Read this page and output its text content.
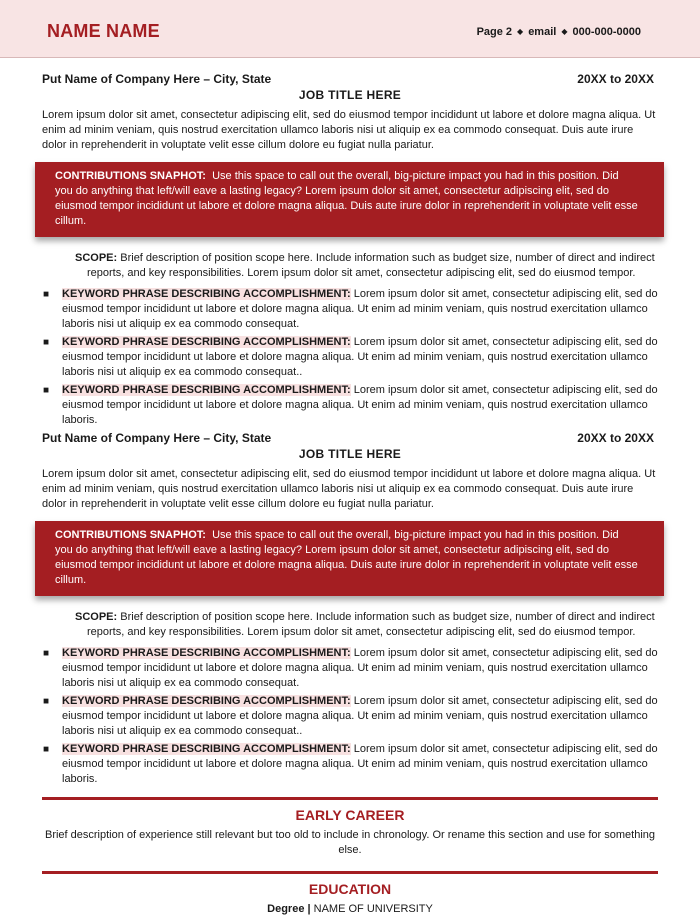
NAME NAME	Page 2 ◆ email ◆ 000-000-0000
Put Name of Company Here – City, State	20XX to 20XX
JOB TITLE HERE
Lorem ipsum dolor sit amet, consectetur adipiscing elit, sed do eiusmod tempor incididunt ut labore et dolore magna aliqua. Ut enim ad minim veniam, quis nostrud exercitation ullamco laboris nisi ut aliquip ex ea commodo consequat. Duis aute irure dolor in reprehenderit in voluptate velit esse cillum dolore eu fugiat nulla pariatur.
CONTRIBUTIONS SNAPHOT: Use this space to call out the overall, big-picture impact you had in this position. Did you do anything that left/will eave a lasting legacy? Lorem ipsum dolor sit amet, consectetur adipiscing elit, sed do eiusmod tempor incididunt ut labore et dolore magna aliqua. Duis aute irure dolor in reprehenderit in voluptate velit esse cillum.
SCOPE: Brief description of position scope here. Include information such as budget size, number of direct and indirect
reports, and key responsibilities. Lorem ipsum dolor sit amet, consectetur adipiscing elit, sed do eiusmod tempor.
■ KEYWORD PHRASE DESCRIBING ACCOMPLISHMENT: Lorem ipsum dolor sit amet, consectetur adipiscing elit, sed do eiusmod tempor incididunt ut labore et dolore magna aliqua. Ut enim ad minim veniam, quis nostrud exercitation ullamco laboris nisi ut aliquip ex ea commodo consequat.
■ KEYWORD PHRASE DESCRIBING ACCOMPLISHMENT: Lorem ipsum dolor sit amet, consectetur adipiscing elit, sed do eiusmod tempor incididunt ut labore et dolore magna aliqua. Ut enim ad minim veniam, quis nostrud exercitation ullamco laboris nisi ut aliquip ex ea commodo consequat..
■ KEYWORD PHRASE DESCRIBING ACCOMPLISHMENT: Lorem ipsum dolor sit amet, consectetur adipiscing elit, sed do eiusmod tempor incididunt ut labore et dolore magna aliqua. Ut enim ad minim veniam, quis nostrud exercitation ullamco laboris.
Put Name of Company Here – City, State	20XX to 20XX
JOB TITLE HERE
Lorem ipsum dolor sit amet, consectetur adipiscing elit, sed do eiusmod tempor incididunt ut labore et dolore magna aliqua. Ut enim ad minim veniam, quis nostrud exercitation ullamco laboris nisi ut aliquip ex ea commodo consequat. Duis aute irure dolor in reprehenderit in voluptate velit esse cillum dolore eu fugiat nulla pariatur.
CONTRIBUTIONS SNAPHOT: Use this space to call out the overall, big-picture impact you had in this position. Did you do anything that left/will eave a lasting legacy? Lorem ipsum dolor sit amet, consectetur adipiscing elit, sed do eiusmod tempor incididunt ut labore et dolore magna aliqua. Duis aute irure dolor in reprehenderit in voluptate velit esse cillum.
SCOPE: Brief description of position scope here. Include information such as budget size, number of direct and indirect
reports, and key responsibilities. Lorem ipsum dolor sit amet, consectetur adipiscing elit, sed do eiusmod tempor.
■ KEYWORD PHRASE DESCRIBING ACCOMPLISHMENT: Lorem ipsum dolor sit amet, consectetur adipiscing elit, sed do eiusmod tempor incididunt ut labore et dolore magna aliqua. Ut enim ad minim veniam, quis nostrud exercitation ullamco laboris nisi ut aliquip ex ea commodo consequat.
■ KEYWORD PHRASE DESCRIBING ACCOMPLISHMENT: Lorem ipsum dolor sit amet, consectetur adipiscing elit, sed do eiusmod tempor incididunt ut labore et dolore magna aliqua. Ut enim ad minim veniam, quis nostrud exercitation ullamco laboris nisi ut aliquip ex ea commodo consequat..
■ KEYWORD PHRASE DESCRIBING ACCOMPLISHMENT: Lorem ipsum dolor sit amet, consectetur adipiscing elit, sed do eiusmod tempor incididunt ut labore et dolore magna aliqua. Ut enim ad minim veniam, quis nostrud exercitation ullamco laboris.
EARLY CAREER
Brief description of experience still relevant but too old to include in chronology. Or rename this section and use for something else.
EDUCATION
Degree | NAME OF UNIVERSITY
